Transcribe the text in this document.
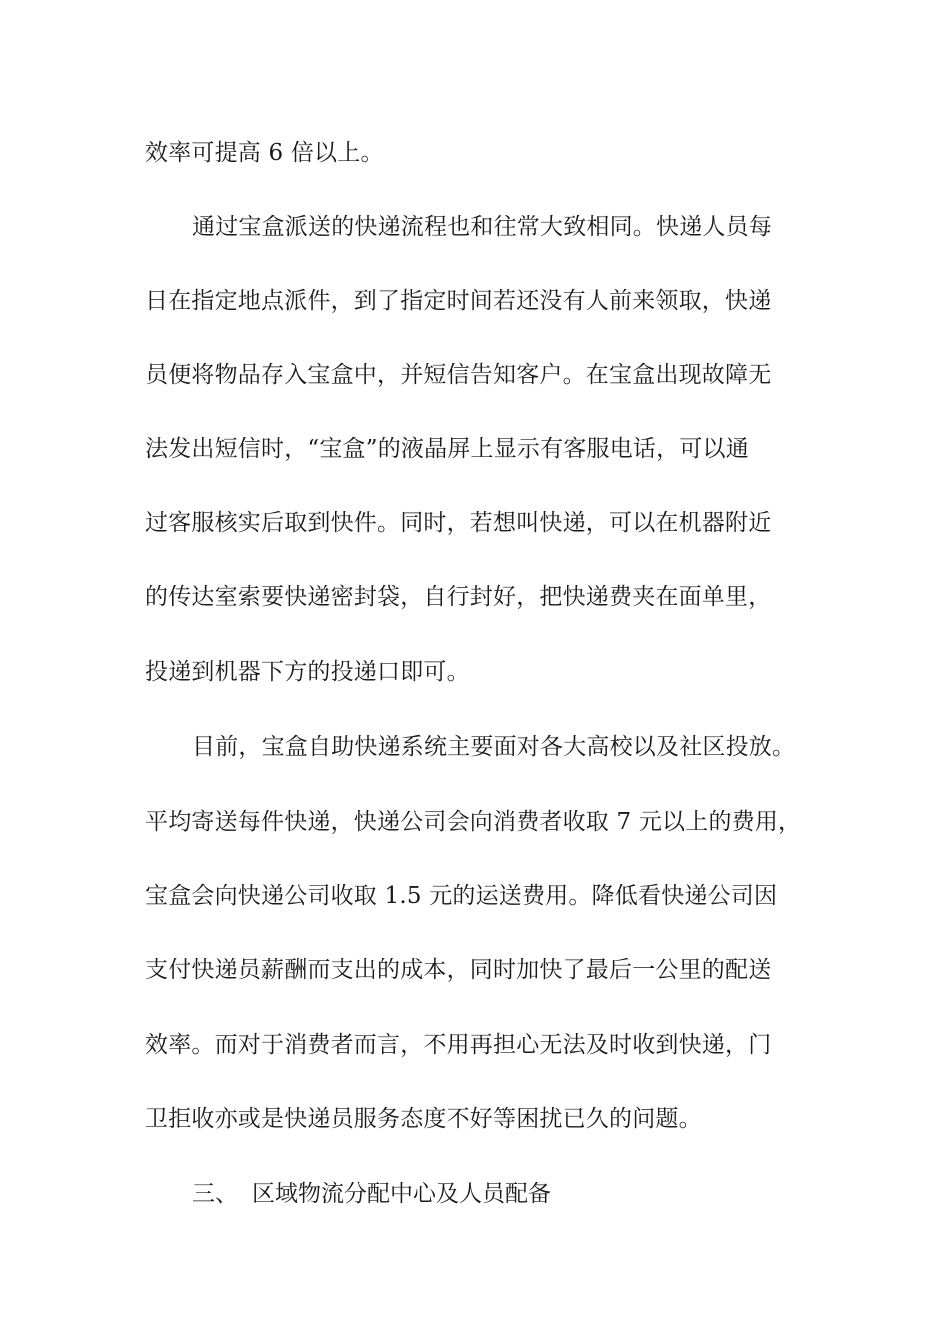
效率可提高 6 倍以上。
通过宝盒派送的快递流程也和往常大致相同。快递人员每
日在指定地点派件，到了指定时间若还没有人前来领取，快递
员便将物品存入宝盒中，并短信告知客户。在宝盒出现故障无
法发出短信时，“宝盒”的液晶屏上显示有客服电话，可以通
过客服核实后取到快件。同时，若想叫快递，可以在机器附近
的传达室索要快递密封袋，自行封好，把快递费夹在面单里，
投递到机器下方的投递口即可。
目前，宝盒自助快递系统主要面对各大高校以及社区投放。
平均寄送每件快递，快递公司会向消费者收取 7 元以上的费用，
宝盒会向快递公司收取 1.5 元的运送费用。降低看快递公司因
支付快递员薪酬而支出的成本，同时加快了最后一公里的配送
效率。而对于消费者而言，不用再担心无法及时收到快递，门
卫拒收亦或是快递员服务态度不好等困扰已久的问题。
三、 区域物流分配中心及人员配备
